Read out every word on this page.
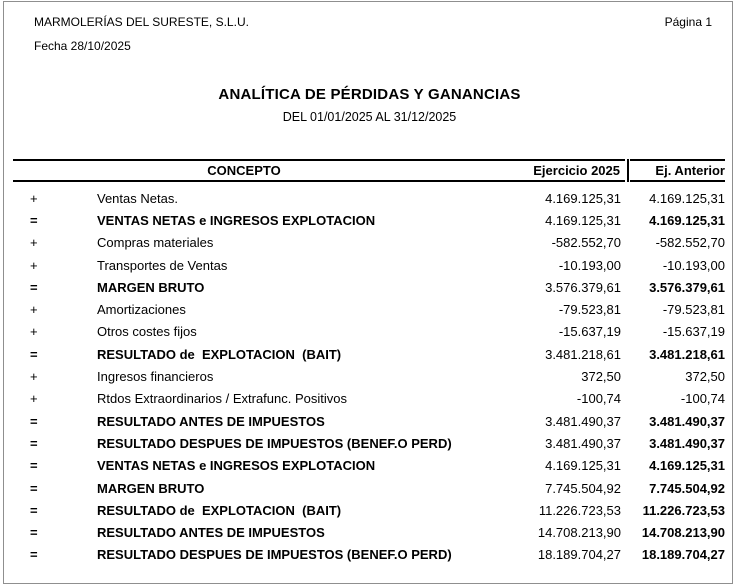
MARMOLERÍAS DEL SURESTE, S.L.U.	Página 1
Fecha 28/10/2025
ANALÍTICA DE PÉRDIDAS Y GANANCIAS
DEL 01/01/2025 AL 31/12/2025
CONCEPTO	Ejercicio 2025	Ej. Anterior
+	Ventas Netas.	4.169.125,31	4.169.125,31
=	VENTAS NETAS e INGRESOS EXPLOTACION	4.169.125,31	4.169.125,31
+	Compras materiales	-582.552,70	-582.552,70
+	Transportes de Ventas	-10.193,00	-10.193,00
=	MARGEN BRUTO	3.576.379,61	3.576.379,61
+	Amortizaciones	-79.523,81	-79.523,81
+	Otros costes fijos	-15.637,19	-15.637,19
=	RESULTADO de  EXPLOTACION  (BAIT)	3.481.218,61	3.481.218,61
+	Ingresos financieros	372,50	372,50
+	Rtdos Extraordinarios / Extrafunc. Positivos	-100,74	-100,74
=	RESULTADO ANTES DE IMPUESTOS	3.481.490,37	3.481.490,37
=	RESULTADO DESPUES DE IMPUESTOS (BENEF.O PERD)	3.481.490,37	3.481.490,37
=	VENTAS NETAS e INGRESOS EXPLOTACION	4.169.125,31	4.169.125,31
=	MARGEN BRUTO	7.745.504,92	7.745.504,92
=	RESULTADO de  EXPLOTACION  (BAIT)	11.226.723,53	11.226.723,53
=	RESULTADO ANTES DE IMPUESTOS	14.708.213,90	14.708.213,90
=	RESULTADO DESPUES DE IMPUESTOS (BENEF.O PERD)	18.189.704,27	18.189.704,27
